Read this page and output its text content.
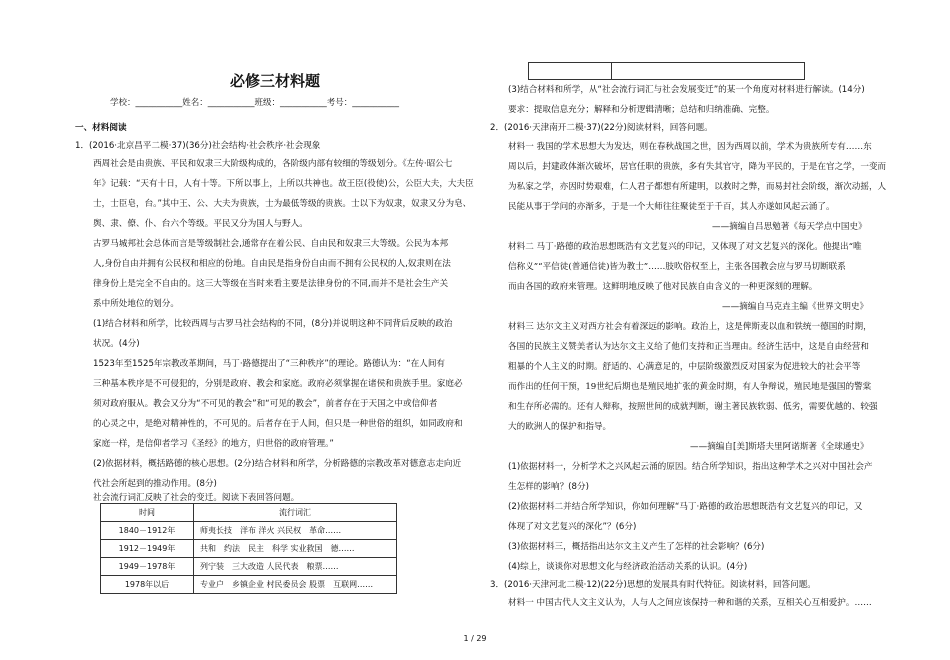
必修三材料题
学校：___________姓名：___________班级：___________考号：___________
一、材料阅读
1．(2016·北京昌平二模·37)(36分)社会结构·社会秩序·社会现象
西周社会是由贵族、平民和奴隶三大阶级构成的，各阶级内部有较细的等级划分。《左传·昭公七
年》记载：“天有十日，人有十等。下所以事上，上所以共神也。故王臣(役使)公，公臣大夫，大夫臣
士，士臣皂，台。”其中王、公、大夫为贵族，士为最低等级的贵族。士以下为奴隶，奴隶又分为皂、
舆、隶、僚、仆、台六个等级。平民又分为国人与野人。
古罗马城邦社会总体而言是等级制社会,通常存在着公民、自由民和奴隶三大等级。公民为本邦
人,身份自由并拥有公民权和相应的份地。自由民是指身份自由而不拥有公民权的人,奴隶则在法
律身份上是完全不自由的。这三大等级在当时来看主要是法律身份的不同,而并不是社会生产关
系中所处地位的划分。
(1)结合材料和所学，比较西周与古罗马社会结构的不同，(8分)并说明这种不同背后反映的政治
状况。(4分)
1523年至1525年宗教改革期间，马丁·路德提出了“三种秩序”的理论。路德认为：“在人间有
三种基本秩序是不可侵犯的，分别是政府、教会和家庭。政府必须掌握在诸侯和贵族手里。家庭必
须对政府服从。教会又分为“不可见的教会”和“可见的教会”，前者存在于天国之中或信仰者
的心灵之中，是绝对精神性的，不可见的。后者存在于人间，但只是一种世俗的组织，如同政府和
家庭一样，是信仰者学习《圣经》的地方，归世俗的政府管理。”
(2)依据材料，概括路德的核心思想。(2分)结合材料和所学，分析路德的宗教改革对德意志走向近
代社会所起到的推动作用。(8分)
社会流行词汇反映了社会的变迁。阅读下表回答问题。
时间	流行词汇
1840－1912年	师夷长技　洋布 洋火 兴民权　革命……
1912－1949年	共和　约法　民主　科学 实业救国　德……
1949－1978年	列宁装　三大改造 人民代表　粮票……
1978年以后	专业户　乡镇企业 村民委员会 股票　互联网……

(3)结合材料和所学，从“社会流行词汇与社会发展变迁”的某一个角度对材料进行解读。(14分)
要求：提取信息充分；解释和分析逻辑清晰；总结和归纳准确、完整。
2．(2016·天津南开二模·37)(22分)阅读材料，回答问题。
材料一 我国的学术思想大为发达，则在春秋战国之世，因为西周以前，学术为贵族所专有……东
周以后，封建政体渐次破坏，居官任职的贵族，多有失其官守，降为平民的，于是在官之学，一变而
为私家之学，亦因时势艰难，仁人君子都想有所建明，以救时之弊，而易封社会阶级，渐次动摇，人
民能从事于学问的亦渐多，于是一个大师往往聚徒至于千百，其人亦遂如风起云涌了。
——摘编自吕思勉著《每天学点中国史》
材料二 马丁·路德的政治思想既浩有文艺复兴的印记，又体现了对文艺复兴的深化。他提出“唯
信称义”“平信徒(普通信徒)皆为教士”……肢吹俗权至上，主张各国教会应与罗马切断联系
而由各国的政府来管理。这鲜明地反映了他对民族自由含义的一种更深刻的理解。
——摘编自马克垚主编《世界文明史》
材料三 达尔文主义对西方社会有着深远的影响。政治上，这是俾斯麦以血和铁统一德国的时期，
各国的民族主义赞美者认为达尔文主义给了他们支持和正当理由。经济生活中，这是自由经营和
粗暴的个人主义的时期。舒适的、心满意足的，中层阶级激烈反对国家为促进较大的社会平等
而作出的任何干预，19世纪后期也是殖民地扩张的黄金时期，有人争辩说，殖民地是强国的警棠
和生存所必需的。还有人辩称，按照世间的成就判断，谢主著民族软弱、低劣，需要优越的、较强
大的欧洲人的保护和指导。
——摘编自[美]斯塔夫里阿诺斯著《全球通史》
(1)依据材料一，分析学术之兴风起云涌的原因。结合所学知识，指出这种学术之兴对中国社会产
生怎样的影响？(8分)
(2)依据材料二并结合所学知识，你如何理解“马丁·路德的政治思想既浩有文艺复兴的印记，又
体现了对文艺复兴的深化”？(6分)
(3)依据材料三，概括指出达尔文主义产生了怎样的社会影响？(6分)
(4)综上，谈谈你对思想文化与经济政治活动关系的认识。(4分)
3．(2016·天津河北二模·12)(22分)思想的发展具有时代特征。阅读材料，回答问题。
材料一 中国古代人文主义认为，人与人之间应该保持一种和谐的关系，互相关心互相爱护。……
1 / 29
